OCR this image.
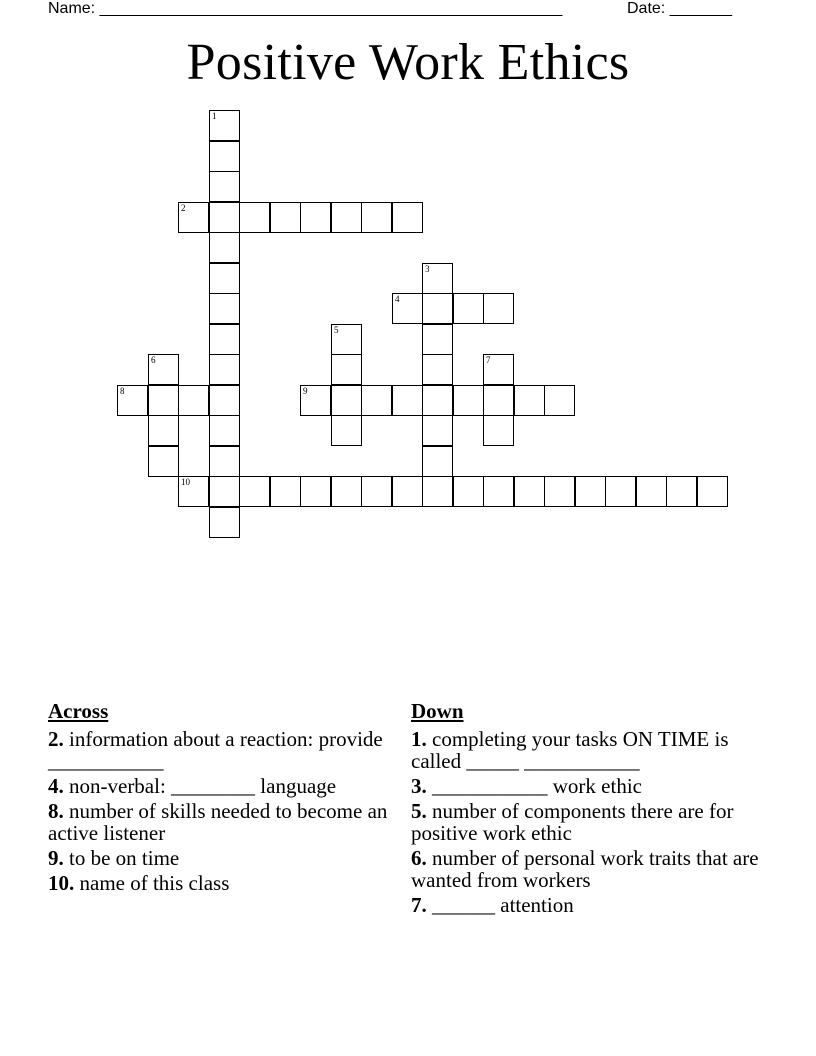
Name: ____________________________________________________	Date: _______
Positive Work Ethics
1
2
3
4
5
6	7
8	9
10
Across
2. information about a reaction: provide ___________
4. non-verbal: ________ language
8. number of skills needed to become an active listener
9. to be on time
10. name of this class
Down
1. completing your tasks ON TIME is called _____ ___________
3. ___________ work ethic
5. number of components there are for positive work ethic
6. number of personal work traits that are wanted from workers
7. ______ attention
